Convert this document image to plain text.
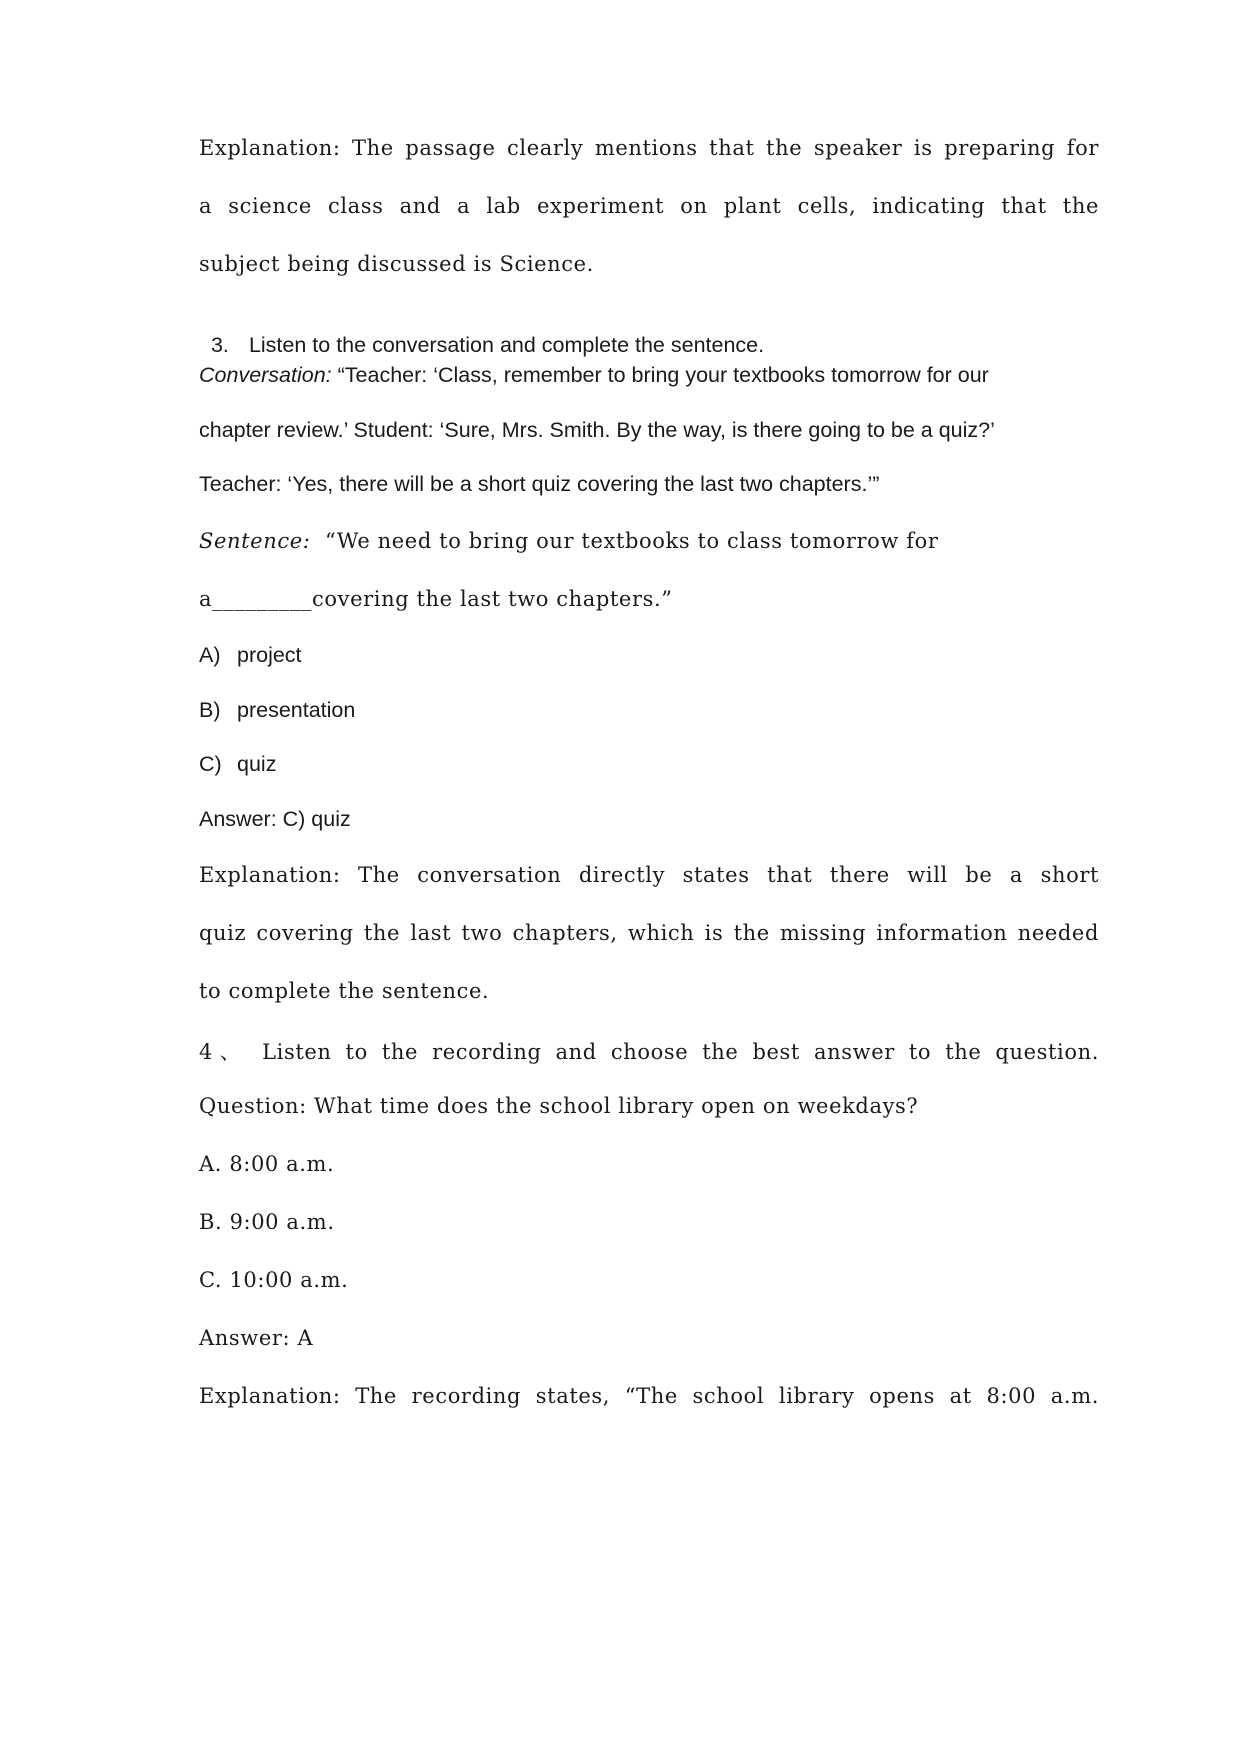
Explanation: The passage clearly mentions that the speaker is preparing for
a science class and a lab experiment on plant cells, indicating that the
subject being discussed is Science.

3. Listen to the conversation and complete the sentence.

Conversation: “Teacher: ‘Class, remember to bring your textbooks tomorrow for our
chapter review.’ Student: ‘Sure, Mrs. Smith. By the way, is there going to be a quiz?’
Teacher: ‘Yes, there will be a short quiz covering the last two chapters.’”
Sentence:  “We need to bring our textbooks to class tomorrow for
a_________covering the last two chapters.”
A) project
B) presentation
C) quiz
Answer: C) quiz
Explanation: The conversation directly states that there will be a short
quiz covering the last two chapters, which is the missing information needed
to complete the sentence.
4、 Listen to the recording and choose the best answer to the question.
Question: What time does the school library open on weekdays?
A. 8:00 a.m.
B. 9:00 a.m.
C. 10:00 a.m.
Answer: A
Explanation: The recording states, “The school library opens at 8:00 a.m.
